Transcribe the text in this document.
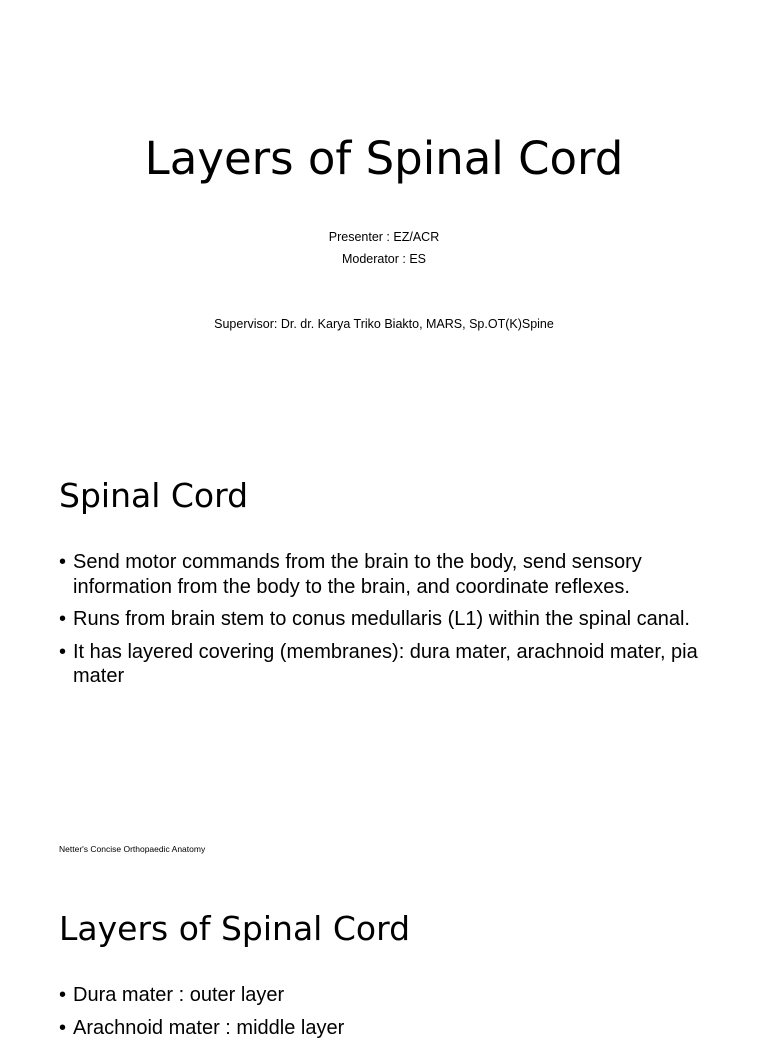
Layers of Spinal Cord

Presenter : EZ/ACR

Moderator : ES

Supervisor: Dr. dr. Karya Triko Biakto, MARS, Sp.OT(K)Spine

Spinal Cord
• Send motor commands from the brain to the body, send sensory information from the body to the brain, and coordinate reflexes.
• Runs from brain stem to conus medullaris (L1) within the spinal canal.
• It has layered covering (membranes): dura mater, arachnoid mater, pia mater

Netter's Concise Orthopaedic Anatomy

Layers of Spinal Cord
• Dura mater : outer layer
• Arachnoid mater : middle layer
